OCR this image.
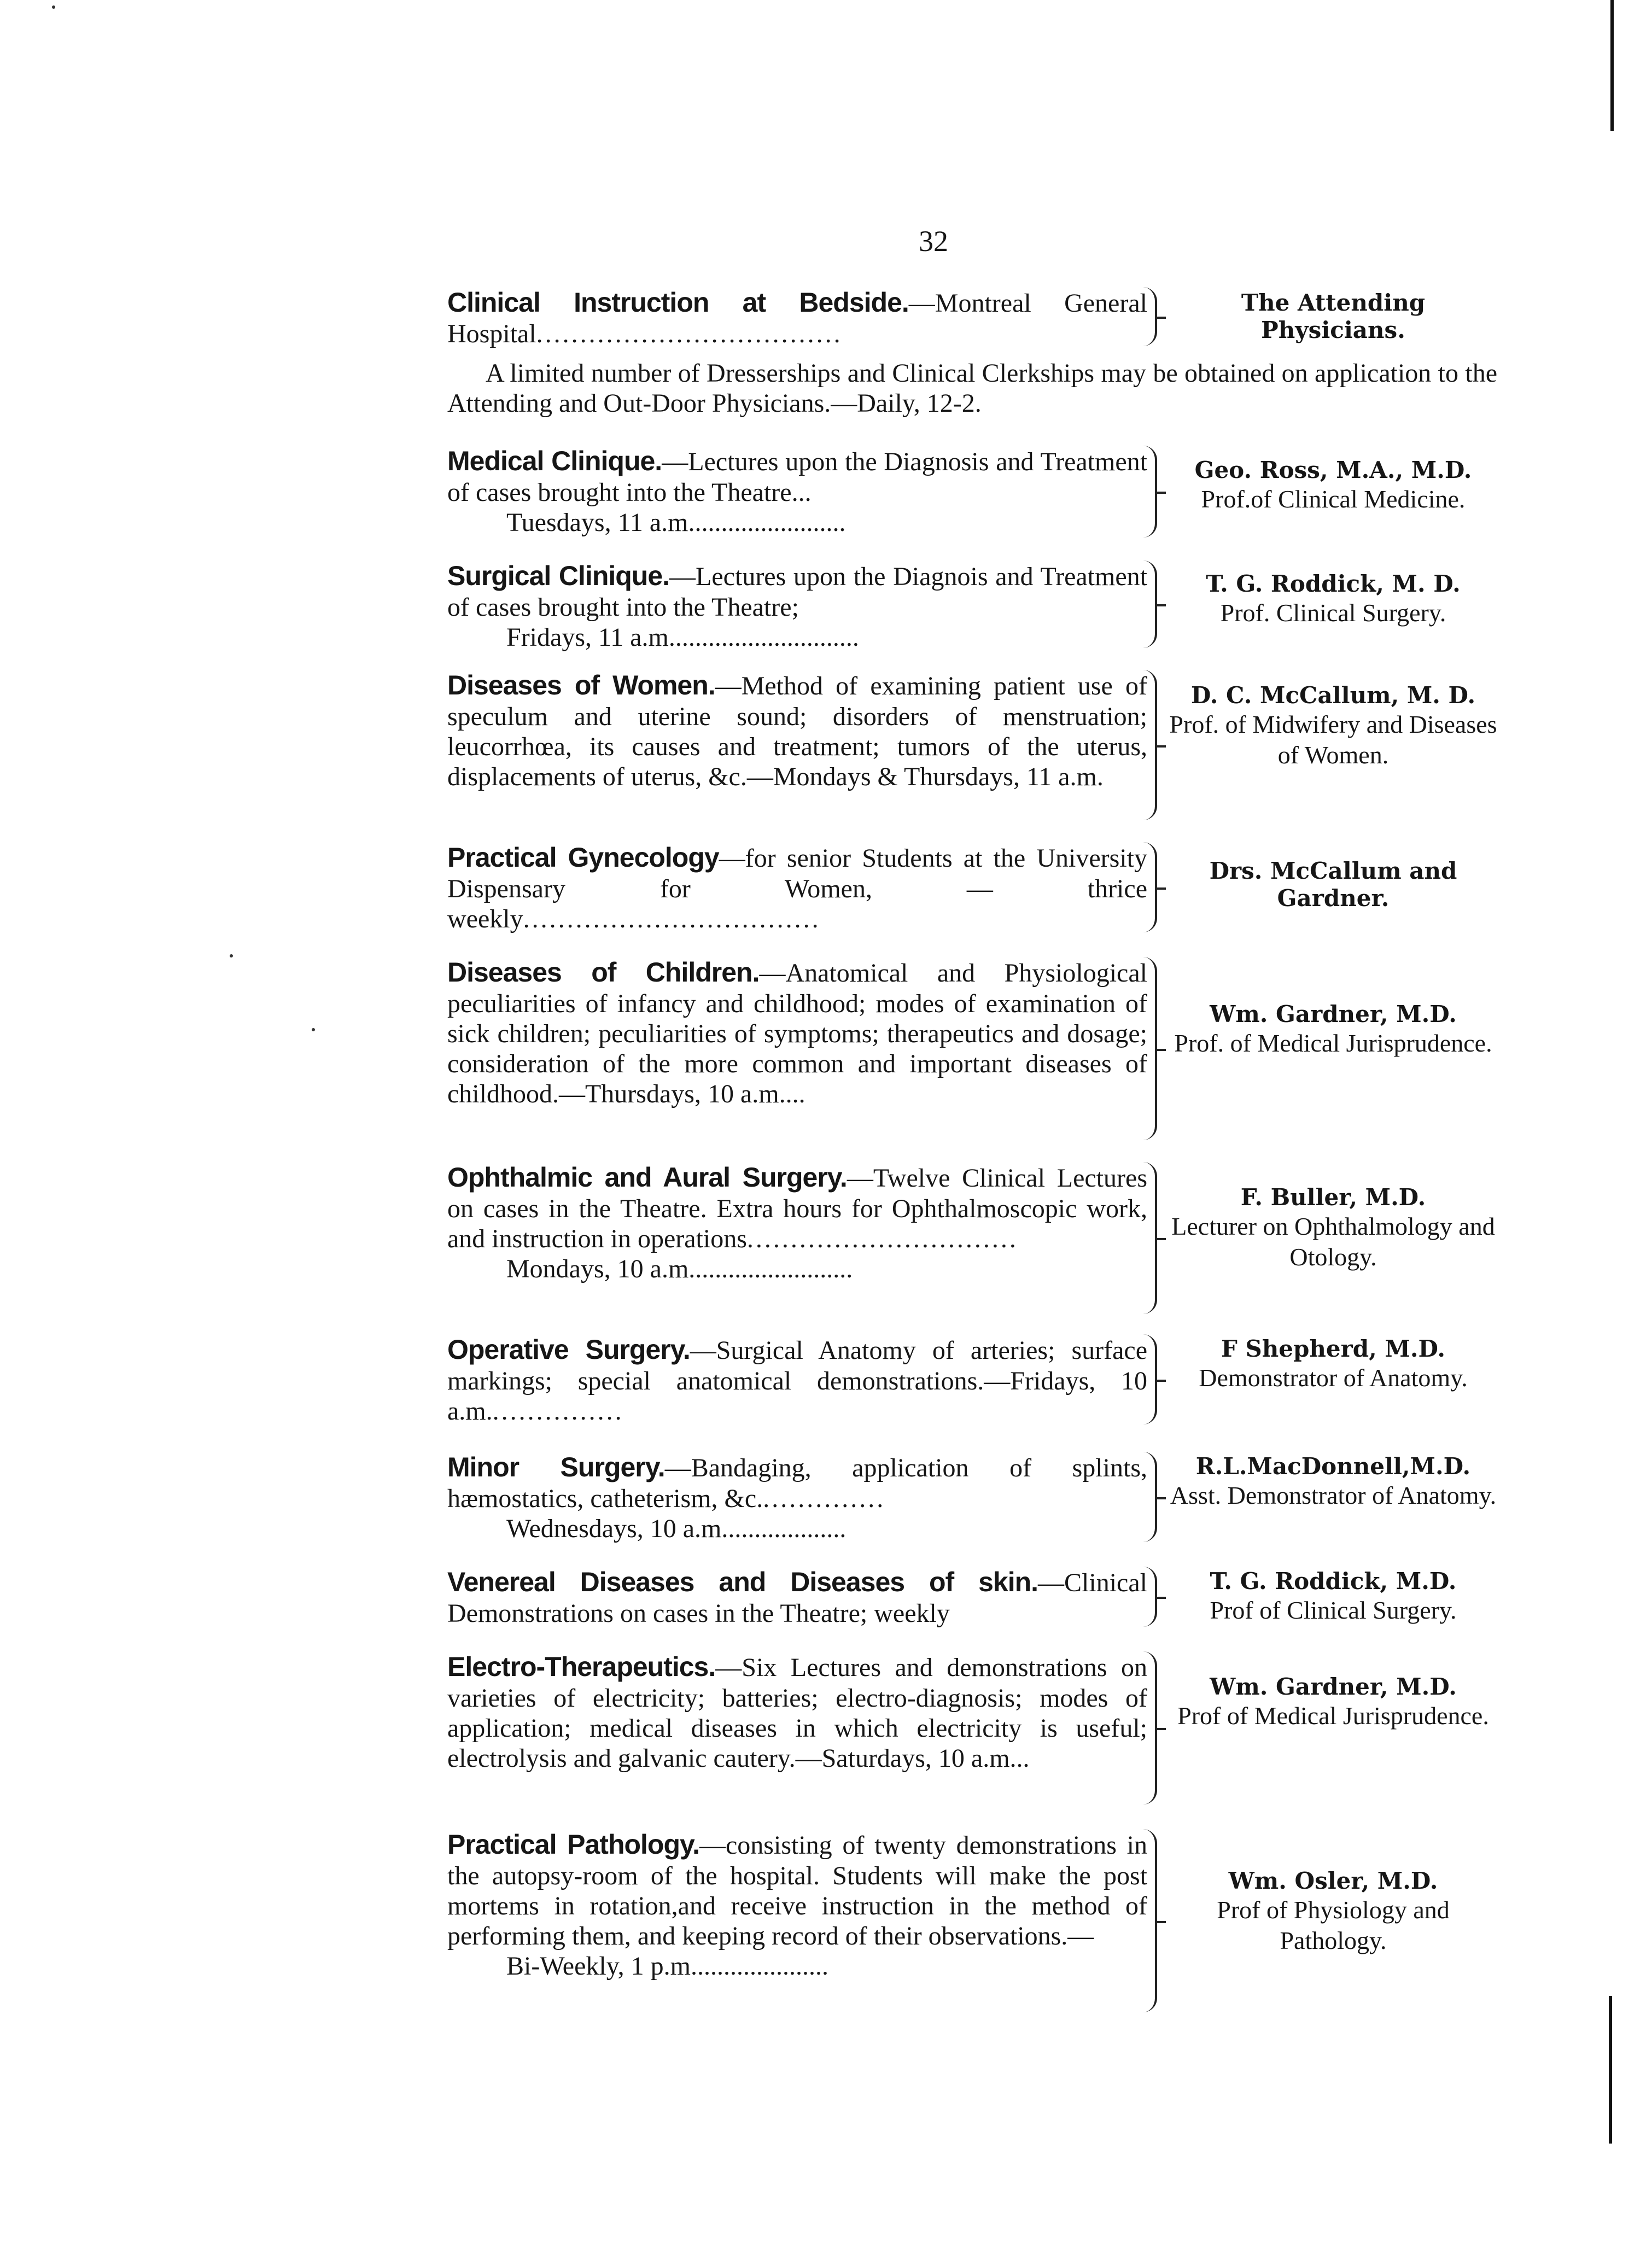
32
Clinical Instruction at Bedside.—Montreal General Hospital...................................
The Attending Physicians.
A limited number of Dresserships and Clinical Clerkships may be obtained on application to the Attending and Out-Door Physicians.—Daily, 12-2.
Medical Clinique.—Lectures upon the Diagnosis and Treatment of cases brought into the Theatre...
Tuesdays, 11 a.m........................
Geo. Ross, M.A., M.D.
Prof.of Clinical Medicine.
Surgical Clinique.—Lectures upon the Diagnois and Treatment of cases brought into the Theatre;
Fridays, 11 a.m.............................
T. G. Roddick, M. D.
Prof. Clinical Surgery.
Diseases of Women.—Method of examining patient use of speculum and uterine sound; disorders of menstruation; leucorrhœa, its causes and treatment; tumors of the uterus, displacements of uterus, &c.—Mondays & Thursdays, 11 a.m.
D. C. McCallum, M. D.
Prof. of Midwifery and Diseases of Women.
Practical Gynecology—for senior Students at the University Dispensary for Women, — thrice weekly..................................
Drs. McCallum and Gardner.
Diseases of Children.—Anatomical and Physiological peculiarities of infancy and childhood; modes of examination of sick children; peculiarities of symptoms; therapeutics and dosage; consideration of the more common and important diseases of childhood.—Thursdays, 10 a.m....
Wm. Gardner, M.D.
Prof. of Medical Jurisprudence.
Ophthalmic and Aural Surgery.—Twelve Clinical Lectures on cases in the Theatre. Extra hours for Ophthalmoscopic work, and instruction in operations...............................
Mondays, 10 a.m.........................
F. Buller, M.D.
Lecturer on Ophthalmology and Otology.
Operative Surgery.—Surgical Anatomy of arteries; surface markings; special anatomical demonstrations.—Fridays, 10 a.m................
F Shepherd, M.D.
Demonstrator of Anatomy.
Minor Surgery.—Bandaging, application of splints, hæmostatics, catheterism, &c...............
Wednesdays, 10 a.m...................
R.L.MacDonnell,M.D.
Asst. Demonstrator of Anatomy.
Venereal Diseases and Diseases of skin.—Clinical Demonstrations on cases in the Theatre; weekly
T. G. Roddick, M.D.
Prof of Clinical Surgery.
Electro-Therapeutics.—Six Lectures and demonstrations on varieties of electricity; batteries; electro-diagnosis; modes of application; medical diseases in which electricity is useful; electrolysis and galvanic cautery.—Saturdays, 10 a.m...
Wm. Gardner, M.D.
Prof of Medical Jurisprudence.
Practical Pathology.—consisting of twenty demonstrations in the autopsy-room of the hospital. Students will make the post mortems in rotation,and receive instruction in the method of performing them, and keeping record of their observations.—
Bi-Weekly, 1 p.m.....................
Wm. Osler, M.D.
Prof of Physiology and Pathology.
